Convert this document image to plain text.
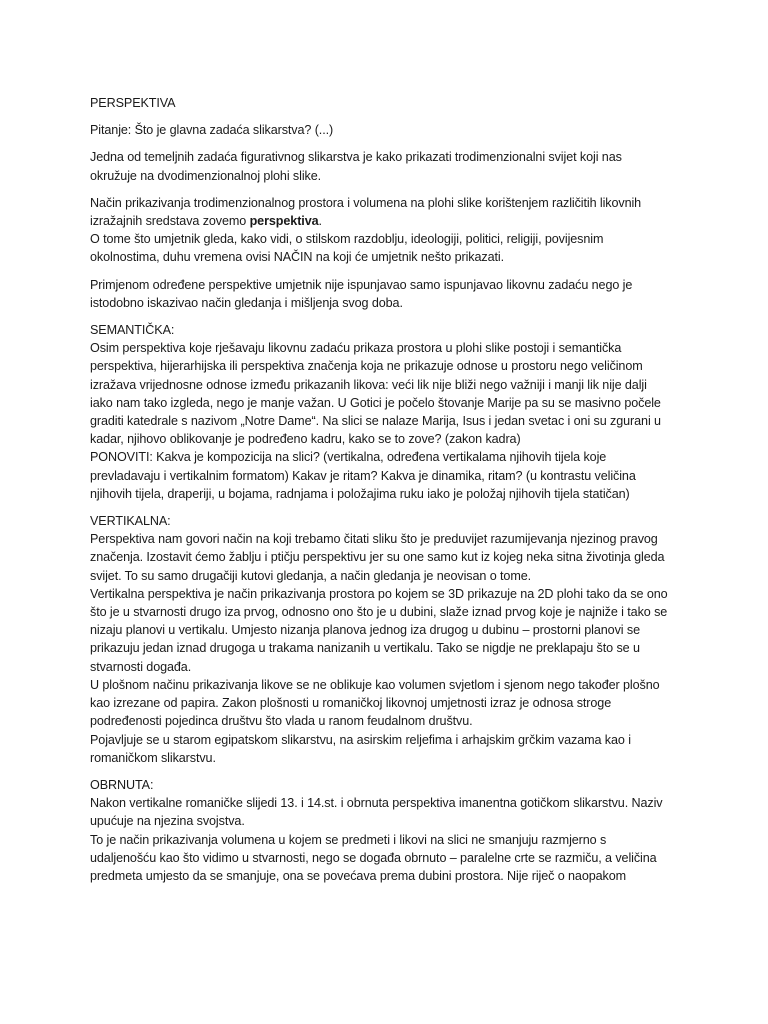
PERSPEKTIVA

Pitanje: Što je glavna zadaća slikarstva? (...)

Jedna od temeljnih zadaća figurativnog slikarstva je kako prikazati trodimenzionalni svijet koji nas okružuje na dvodimenzionalnoj plohi slike.

Način prikazivanja trodimenzionalnog prostora i volumena na plohi slike korištenjem različitih likovnih izražajnih sredstava zovemo perspektiva.

O tome što umjetnik gleda, kako vidi, o stilskom razdoblju, ideologiji, politici, religiji, povijesnim okolnostima, duhu vremena ovisi NAČIN na koji će umjetnik nešto prikazati.

Primjenom određene perspektive umjetnik nije ispunjavao samo ispunjavao likovnu zadaću nego je istodobno iskazivao način gledanja i mišljenja svog doba.

SEMANTIČKA:

Osim perspektiva koje rješavaju likovnu zadaću prikaza prostora u plohi slike postoji i semantička perspektiva, hijerarhijska ili perspektiva značenja koja ne prikazuje odnose u prostoru nego veličinom izražava vrijednosne odnose između prikazanih likova: veći lik nije bliži nego važniji i manji lik nije dalji iako nam tako izgleda, nego je manje važan. U Gotici je počelo štovanje Marije pa su se masivno počele graditi katedrale s nazivom „Notre Dame“. Na slici se nalaze Marija, Isus i jedan svetac i oni su zgurani u kadar, njihovo oblikovanje je podređeno kadru, kako se to zove? (zakon kadra)

PONOVITI: Kakva je kompozicija na slici? (vertikalna, određena vertikalama njihovih tijela koje prevladavaju i vertikalnim formatom) Kakav je ritam? Kakva je dinamika, ritam? (u kontrastu veličina njihovih tijela, draperiji, u bojama, radnjama i položajima ruku iako je položaj njihovih tijela statičan)

VERTIKALNA:

Perspektiva nam govori način na koji trebamo čitati sliku što je preduvijet razumijevanja njezinog pravog značenja. Izostavit ćemo žablju i ptičju perspektivu jer su one samo kut iz kojeg neka sitna životinja gleda svijet. To su samo drugačiji kutovi gledanja, a način gledanja je neovisan o tome.

Vertikalna perspektiva je način prikazivanja prostora po kojem se 3D prikazuje na 2D plohi tako da se ono što je u stvarnosti drugo iza prvog, odnosno ono što je u dubini, slaže iznad prvog koje je najniže i tako se nizaju planovi u vertikalu. Umjesto nizanja planova jednog iza drugog u dubinu – prostorni planovi se prikazuju jedan iznad drugoga u trakama nanizanih u vertikalu. Tako se nigdje ne preklapaju što se u stvarnosti događa.

U plošnom načinu prikazivanja likove se ne oblikuje kao volumen svjetlom i sjenom nego također plošno kao izrezane od papira. Zakon plošnosti u romaničkoj likovnoj umjetnosti izraz je odnosa stroge podređenosti pojedinca društvu što vlada u ranom feudalnom društvu.

Pojavljuje se u starom egipatskom slikarstvu, na asirskim reljefima i arhajskim grčkim vazama kao i romaničkom slikarstvu.

OBRNUTA:

Nakon vertikalne romaničke slijedi 13. i 14.st. i obrnuta perspektiva imanentna gotičkom slikarstvu. Naziv upućuje na njezina svojstva.

To je način prikazivanja volumena u kojem se predmeti i likovi na slici ne smanjuju razmjerno s udaljenošću kao što vidimo u stvarnosti, nego se događa obrnuto – paralelne crte se razmiču, a veličina predmeta umjesto da se smanjuje, ona se povećava prema dubini prostora. Nije riječ o naopakom
